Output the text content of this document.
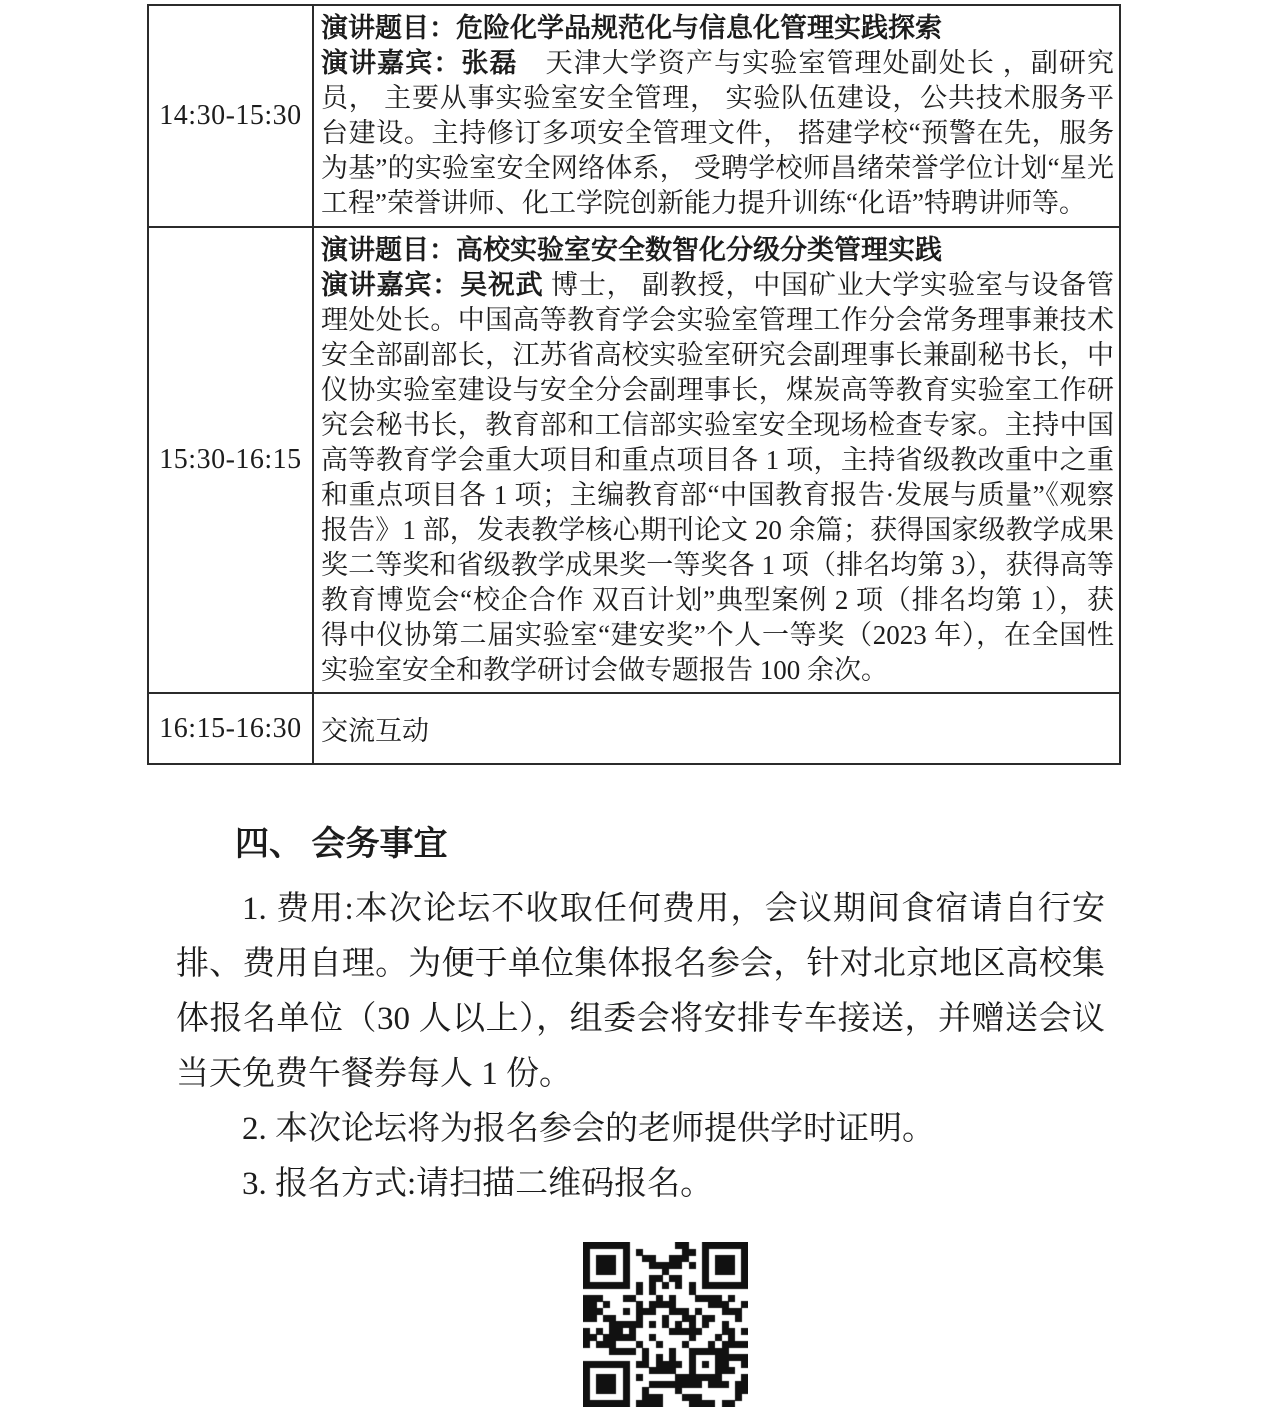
14:30-15:30	演讲题目：危险化学品规范化与信息化管理实践探索

演讲嘉宾：张磊　天津大学资产与实验室管理处副处长 ，副研究员， 主要从事实验室安全管理， 实验队伍建设，公共技术服务平台建设。主持修订多项安全管理文件， 搭建学校“预警在先，服务为基”的实验室安全网络体系， 受聘学校师昌绪荣誉学位计划“星光工程”荣誉讲师、化工学院创新能力提升训练“化语”特聘讲师等。

15:30-16:15	演讲题目：高校实验室安全数智化分级分类管理实践

演讲嘉宾：吴祝武 博士， 副教授，中国矿业大学实验室与设备管理处处长。中国高等教育学会实验室管理工作分会常务理事兼技术安全部副部长，江苏省高校实验室研究会副理事长兼副秘书长，中仪协实验室建设与安全分会副理事长，煤炭高等教育实验室工作研究会秘书长，教育部和工信部实验室安全现场检查专家。主持中国高等教育学会重大项目和重点项目各 1 项，主持省级教改重中之重和重点项目各 1 项；主编教育部“中国教育报告·发展与质量”《观察报告》1 部，发表教学核心期刊论文 20 余篇；获得国家级教学成果奖二等奖和省级教学成果奖一等奖各 1 项（排名均第 3），获得高等教育博览会“校企合作 双百计划”典型案例 2 项（排名均第 1），获得中仪协第二届实验室“建安奖”个人一等奖（2023 年），在全国性实验室安全和教学研讨会做专题报告 100 余次。

16:15-16:30	交流互动
四、 会务事宜

1. 费用:本次论坛不收取任何费用，会议期间食宿请自行安排、费用自理。为便于单位集体报名参会，针对北京地区高校集体报名单位（30 人以上），组委会将安排专车接送，并赠送会议当天免费午餐券每人 1 份。

2. 本次论坛将为报名参会的老师提供学时证明。

3. 报名方式:请扫描二维码报名。
